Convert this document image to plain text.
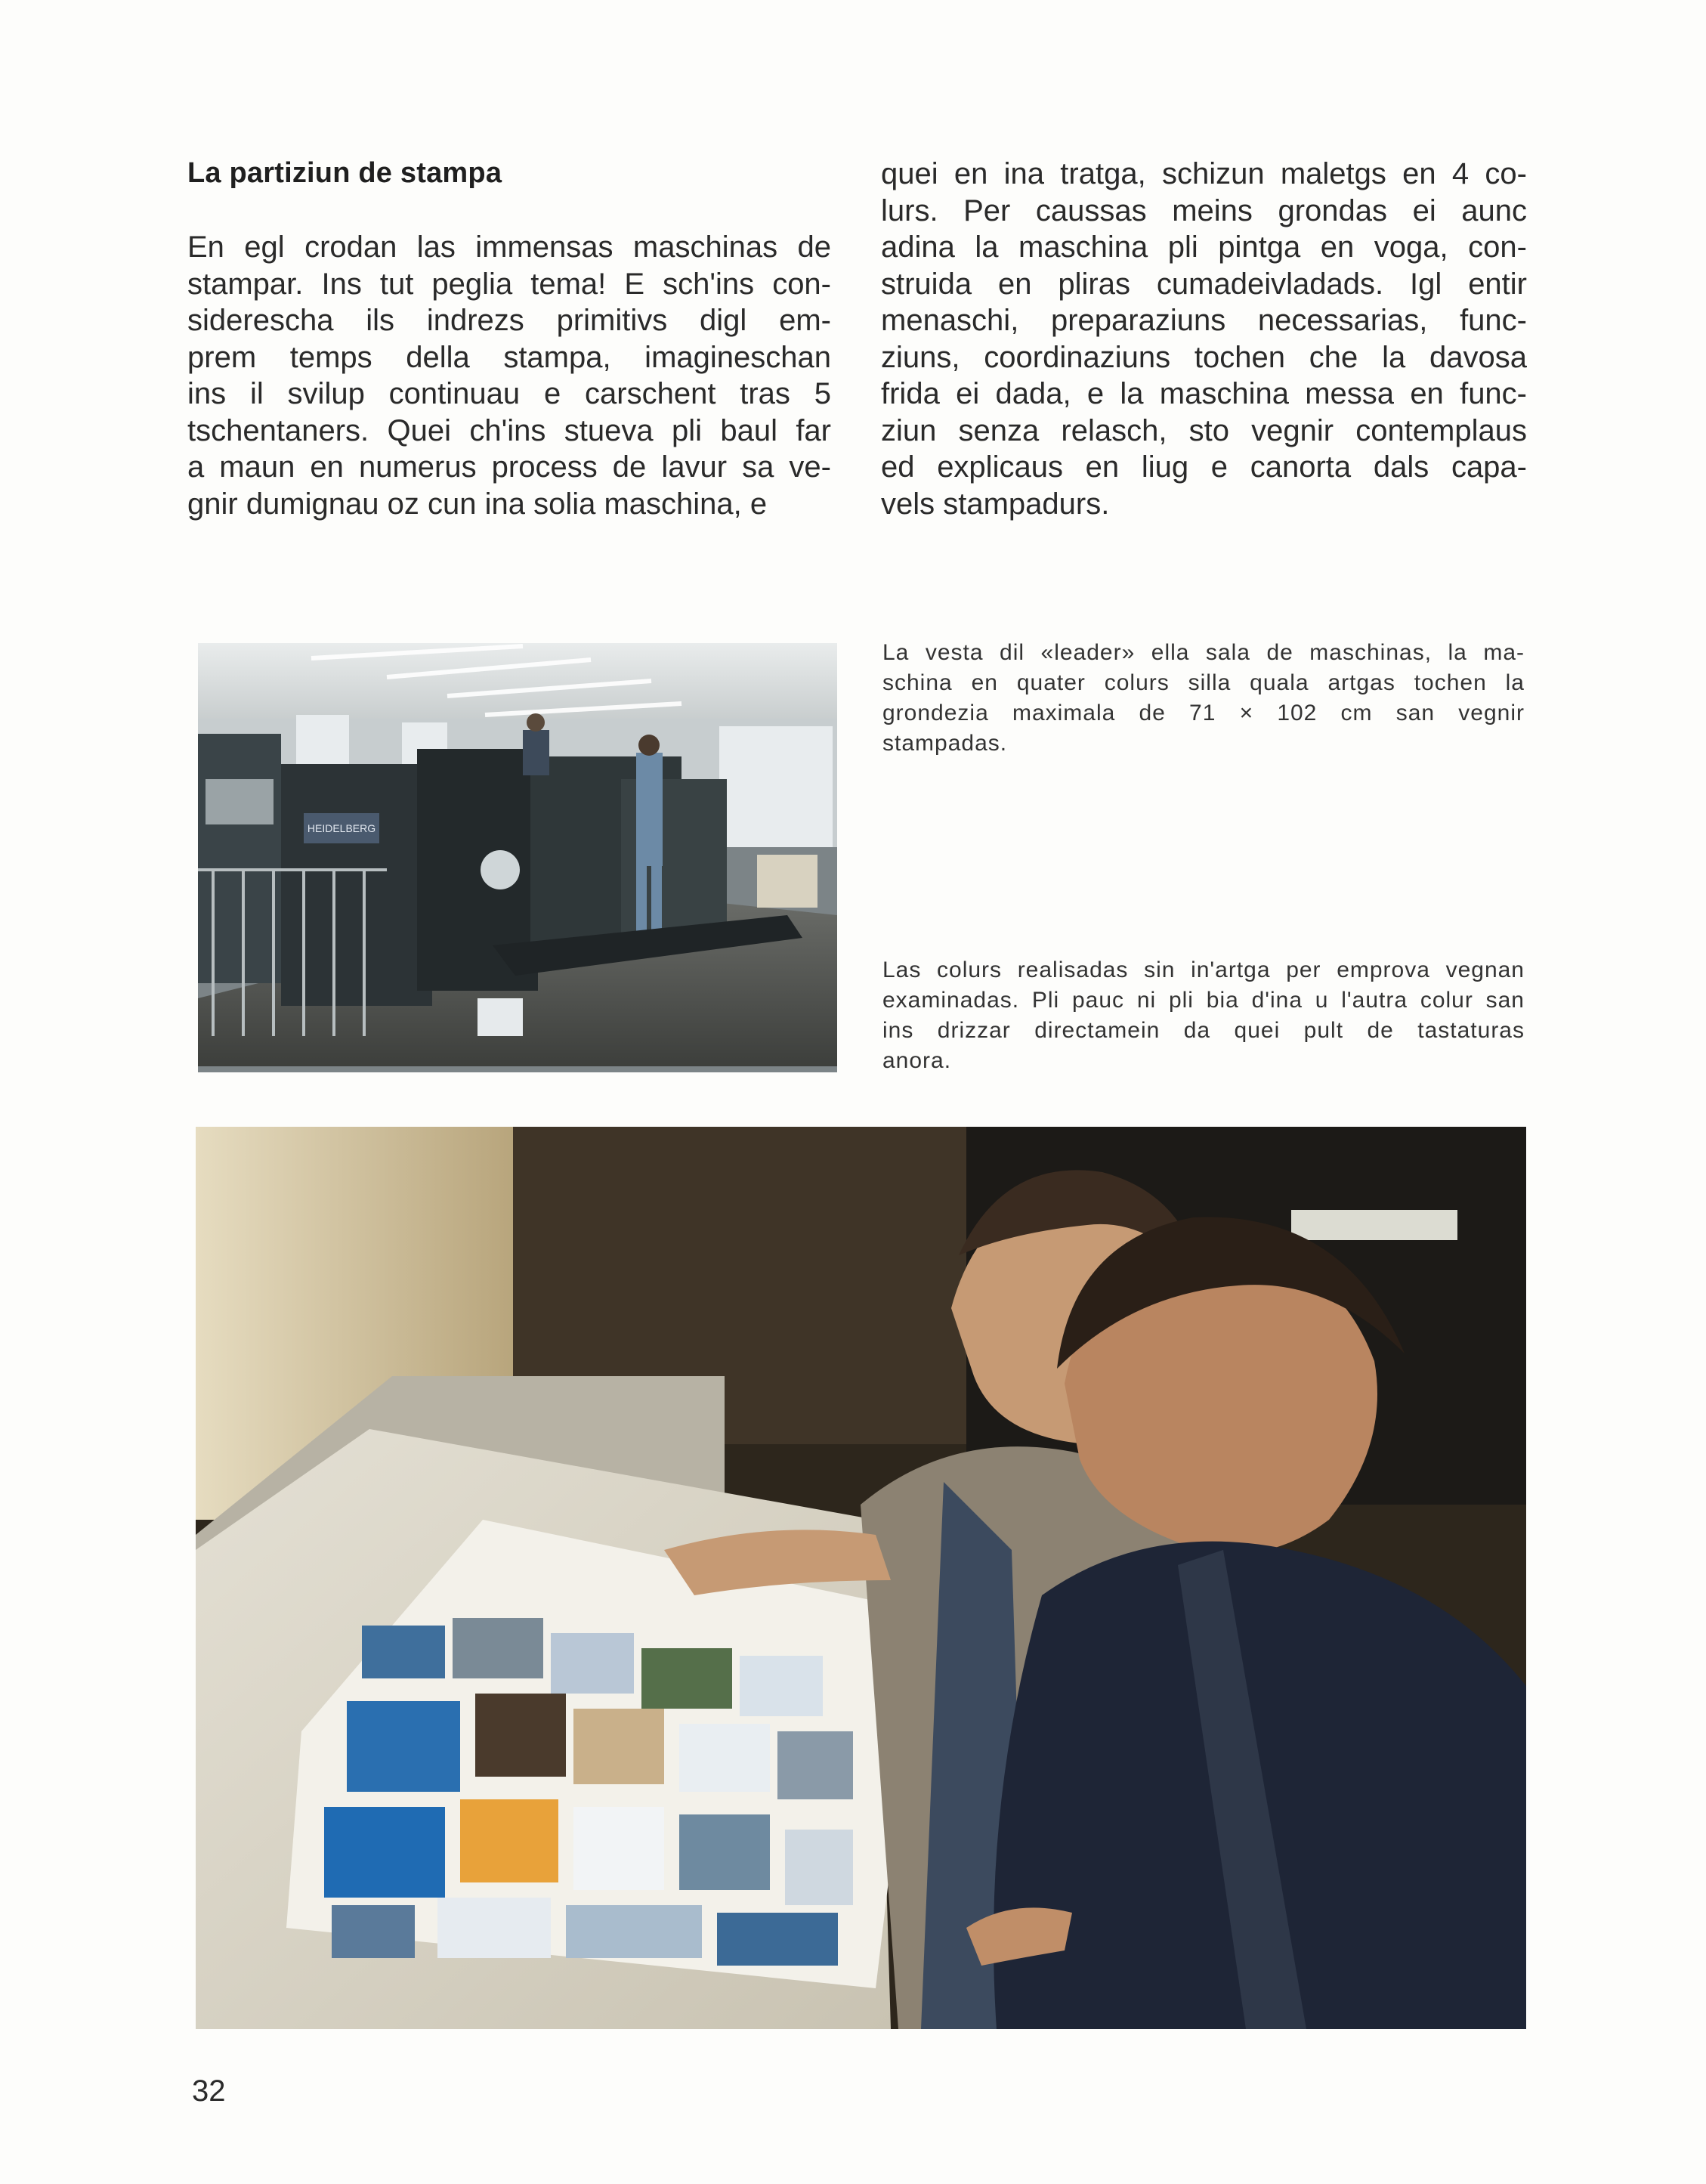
La partiziun de stampa
En egl crodan las immensas maschinas de
stampar. Ins tut peglia tema! E sch'ins con-
siderescha ils indrezs primitivs digl em-
prem temps della stampa, imagineschan
ins il svilup continuau e carschent tras 5
tschentaners. Quei ch'ins stueva pli baul far
a maun en numerus process de lavur sa ve-
gnir dumignau oz cun ina solia maschina, e
quei en ina tratga, schizun maletgs en 4 co-
lurs. Per caussas meins grondas ei aunc
adina la maschina pli pintga en voga, con-
struida en pliras cumadeivladads. Igl entir
menaschi, preparaziuns necessarias, func-
ziuns, coordinaziuns tochen che la davosa
frida ei dada, e la maschina messa en func-
ziun senza relasch, sto vegnir contemplaus
ed explicaus en liug e canorta dals capa-
vels stampadurs.
HEIDELBERG
La vesta dil «leader» ella sala de maschinas, la ma-
schina en quater colurs silla quala artgas tochen la
grondezia maximala de 71 × 102 cm san vegnir
stampadas.
Las colurs realisadas sin in'artga per emprova vegnan
examinadas. Pli pauc ni pli bia d'ina u l'autra colur san
ins drizzar directamein da quei pult de tastaturas
anora.
32
